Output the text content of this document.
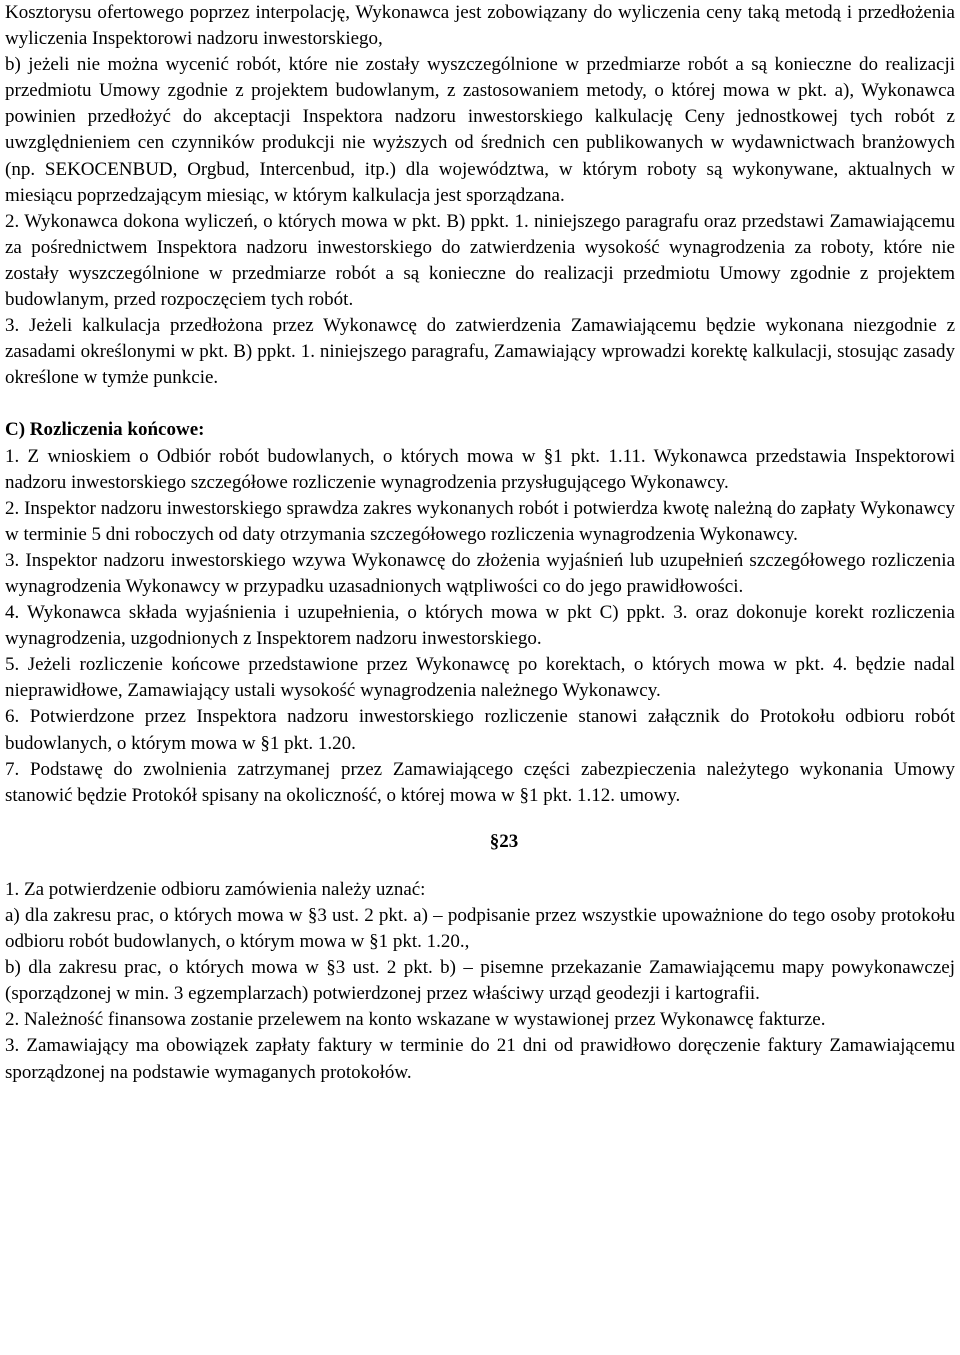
Kosztorysu ofertowego poprzez interpolację, Wykonawca jest zobowiązany do wyliczenia ceny taką metodą i przedłożenia wyliczenia Inspektorowi nadzoru inwestorskiego,

b) jeżeli nie można wycenić robót, które nie zostały wyszczególnione w przedmiarze robót a są konieczne do realizacji przedmiotu Umowy zgodnie z projektem budowlanym, z zastosowaniem metody, o której mowa w pkt. a), Wykonawca powinien przedłożyć do akceptacji Inspektora nadzoru inwestorskiego kalkulację Ceny jednostkowej tych robót z uwzględnieniem cen czynników produkcji nie wyższych od średnich cen publikowanych w wydawnictwach branżowych (np. SEKOCENBUD, Orgbud, Intercenbud, itp.) dla województwa, w którym roboty są wykonywane, aktualnych w miesiącu poprzedzającym miesiąc, w którym kalkulacja jest sporządzana.

2. Wykonawca dokona wyliczeń, o których mowa w pkt. B) ppkt. 1. niniejszego paragrafu oraz przedstawi Zamawiającemu za pośrednictwem Inspektora nadzoru inwestorskiego do zatwierdzenia wysokość wynagrodzenia za roboty, które nie zostały wyszczególnione w przedmiarze robót a są konieczne do realizacji przedmiotu Umowy zgodnie z projektem budowlanym, przed rozpoczęciem tych robót.

3. Jeżeli kalkulacja przedłożona przez Wykonawcę do zatwierdzenia Zamawiającemu będzie wykonana niezgodnie z zasadami określonymi w pkt. B) ppkt. 1. niniejszego paragrafu, Zamawiający wprowadzi korektę kalkulacji, stosując zasady określone w tymże punkcie.

C) Rozliczenia końcowe:

1. Z wnioskiem o Odbiór robót budowlanych, o których mowa w §1 pkt. 1.11. Wykonawca przedstawia Inspektorowi nadzoru inwestorskiego szczegółowe rozliczenie wynagrodzenia przysługującego Wykonawcy.

2. Inspektor nadzoru inwestorskiego sprawdza zakres wykonanych robót i potwierdza kwotę należną do zapłaty Wykonawcy w terminie 5 dni roboczych od daty otrzymania szczegółowego rozliczenia wynagrodzenia Wykonawcy.

3. Inspektor nadzoru inwestorskiego wzywa Wykonawcę do złożenia wyjaśnień lub uzupełnień szczegółowego rozliczenia wynagrodzenia Wykonawcy w przypadku uzasadnionych wątpliwości co do jego prawidłowości.

4. Wykonawca składa wyjaśnienia i uzupełnienia, o których mowa w pkt C) ppkt. 3. oraz dokonuje korekt rozliczenia wynagrodzenia, uzgodnionych z Inspektorem nadzoru inwestorskiego.

5. Jeżeli rozliczenie końcowe przedstawione przez Wykonawcę po korektach, o których mowa w pkt. 4. będzie nadal nieprawidłowe, Zamawiający ustali wysokość wynagrodzenia należnego Wykonawcy.

6. Potwierdzone przez Inspektora nadzoru inwestorskiego rozliczenie stanowi załącznik do Protokołu odbioru robót budowlanych, o którym mowa w §1 pkt. 1.20.

7. Podstawę do zwolnienia zatrzymanej przez Zamawiającego części zabezpieczenia należytego wykonania Umowy stanowić będzie Protokół spisany na okoliczność, o której mowa w §1 pkt. 1.12. umowy.

§23

1. Za potwierdzenie odbioru zamówienia należy uznać:

a) dla zakresu prac, o których mowa w §3 ust. 2 pkt. a) – podpisanie przez wszystkie upoważnione do tego osoby protokołu odbioru robót budowlanych, o którym mowa w §1 pkt. 1.20.,

b) dla zakresu prac, o których mowa w §3 ust. 2 pkt. b) – pisemne przekazanie Zamawiającemu mapy powykonawczej (sporządzonej w min. 3 egzemplarzach) potwierdzonej przez właściwy urząd geodezji i kartografii.

2. Należność finansowa zostanie przelewem na konto wskazane w wystawionej przez Wykonawcę fakturze.

3. Zamawiający ma obowiązek zapłaty faktury w terminie do 21 dni od prawidłowo doręczenie faktury Zamawiającemu sporządzonej na podstawie wymaganych protokołów.
